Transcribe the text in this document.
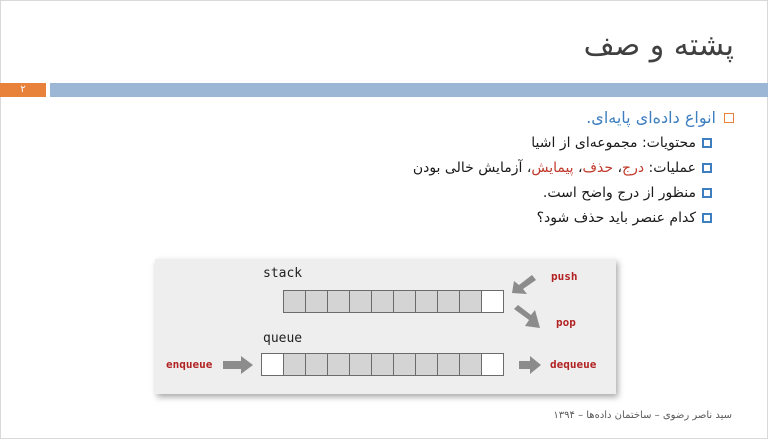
پشته و صف
۲
انواع داده‌ای پایه‌ای.
محتویات: مجموعه‌ای از اشیا
عملیات: درج، حذف، پیمایش، آزمایش خالی بودن
منظور از درج واضح است.
کدام عنصر باید حذف شود؟
stack	push
pop
queue
enqueue	dequeue
سید ناصر رضوی – ساختمان داده‌ها – ۱۳۹۴
